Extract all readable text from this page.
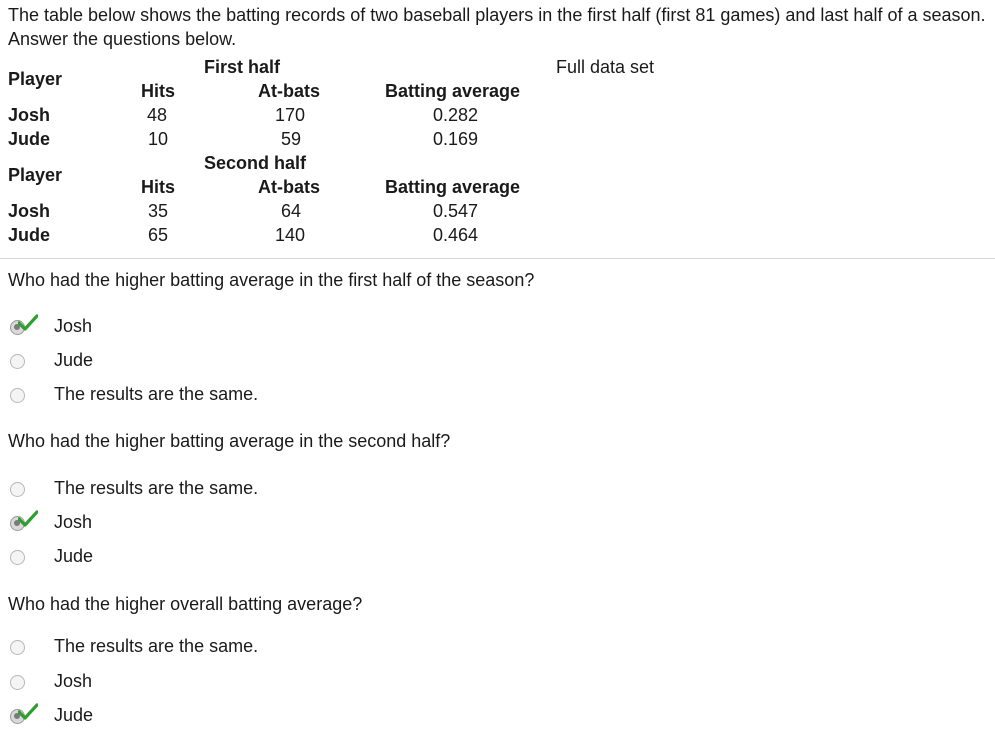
The table below shows the batting records of two baseball players in the first half (first 81 games) and last half of a season. Answer the questions below.
Full data set
First half
Player
Hits	At-bats	Batting average
Josh	48	170	0.282
Jude	10	59	0.169
Second half
Player
Hits	At-bats	Batting average
Josh	35	64	0.547
Jude	65	140	0.464
Who had the higher batting average in the first half of the season?
Josh
Jude
The results are the same.
Who had the higher batting average in the second half?
The results are the same.
Josh
Jude
Who had the higher overall batting average?
The results are the same.
Josh
Jude
